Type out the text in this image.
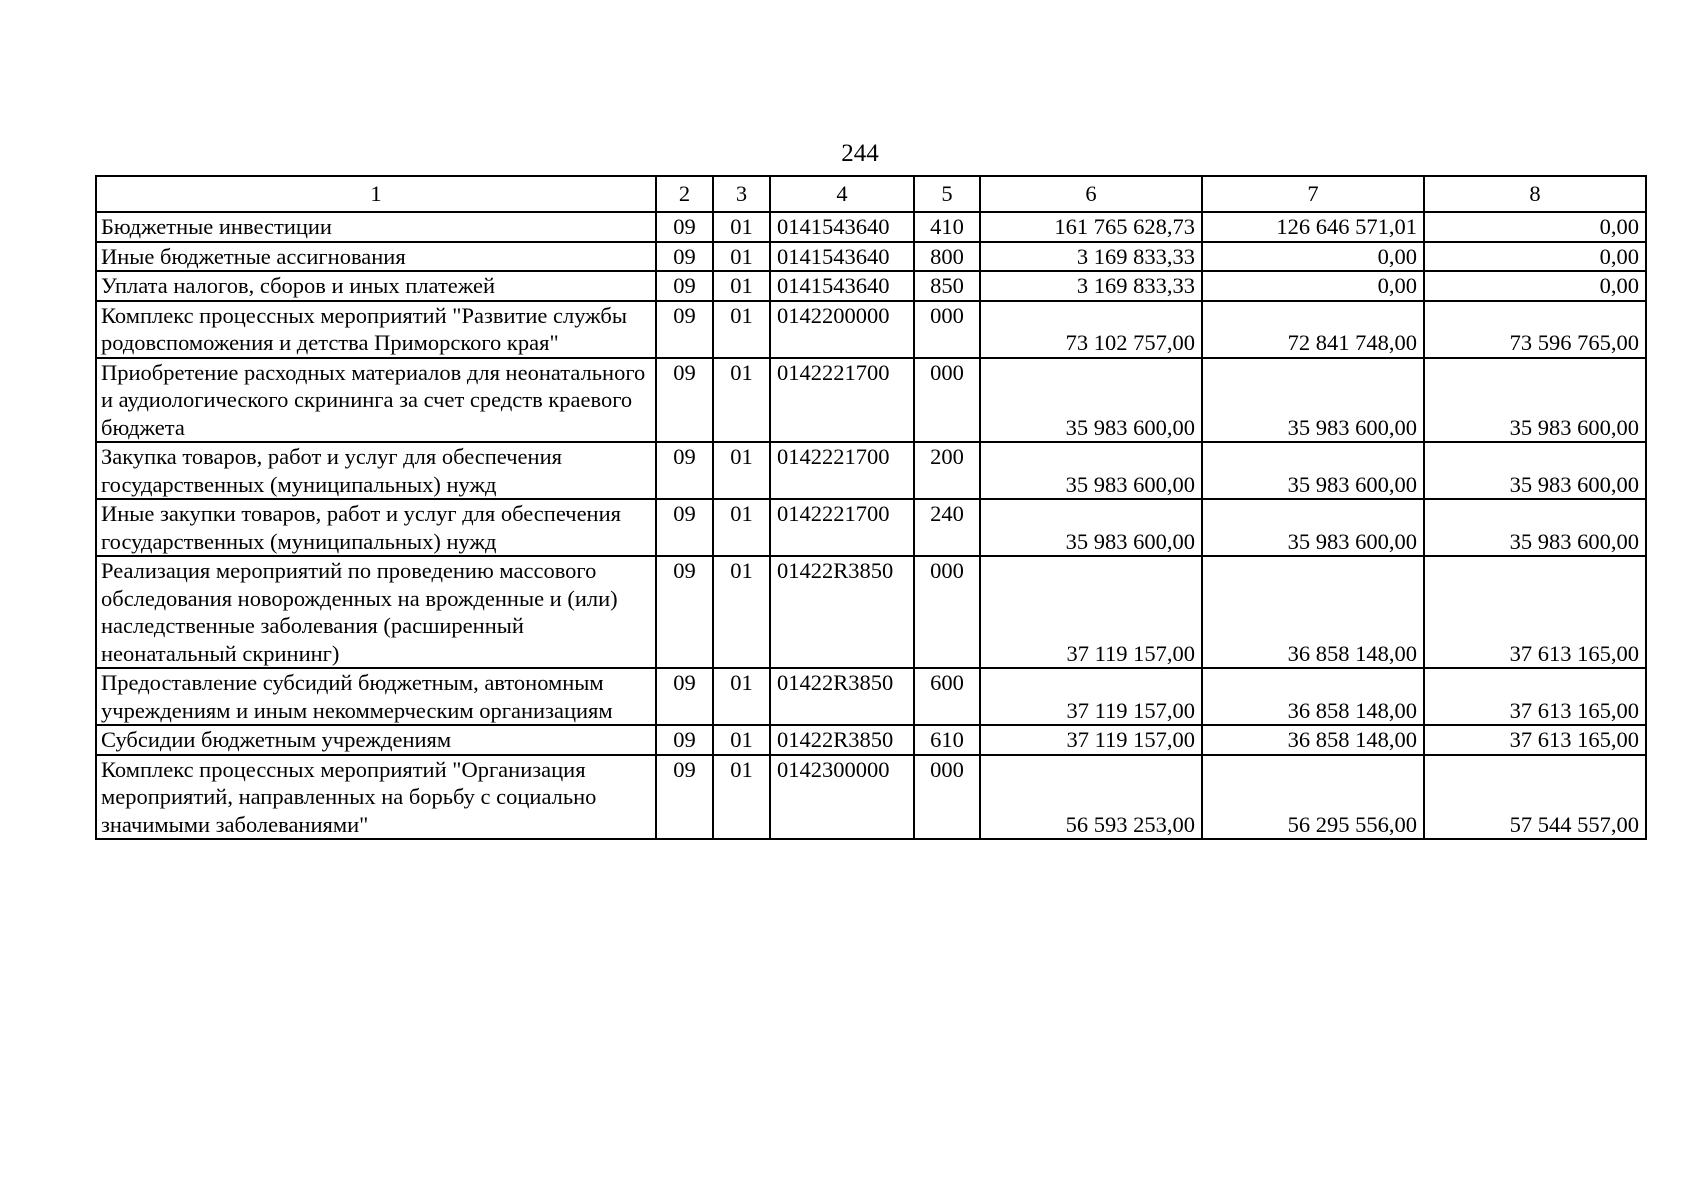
244
1	2	3	4	5	6	7	8
Бюджетные инвестиции	09	01	0141543640	410	161 765 628,73	126 646 571,01	0,00
Иные бюджетные ассигнования	09	01	0141543640	800	3 169 833,33	0,00	0,00
Уплата налогов, сборов и иных платежей	09	01	0141543640	850	3 169 833,33	0,00	0,00
Комплекс процессных мероприятий "Развитие службы родовспоможения и детства Приморского края"	09	01	0142200000	000	73 102 757,00	72 841 748,00	73 596 765,00
Приобретение расходных материалов для неонатального и аудиологического скрининга за счет средств краевого бюджета	09	01	0142221700	000	35 983 600,00	35 983 600,00	35 983 600,00
Закупка товаров, работ и услуг для обеспечения государственных (муниципальных) нужд	09	01	0142221700	200	35 983 600,00	35 983 600,00	35 983 600,00
Иные закупки товаров, работ и услуг для обеспечения государственных (муниципальных) нужд	09	01	0142221700	240	35 983 600,00	35 983 600,00	35 983 600,00
Реализация мероприятий по проведению массового обследования новорожденных на врожденные и (или) наследственные заболевания (расширенный неонатальный скрининг)	09	01	01422R3850	000	37 119 157,00	36 858 148,00	37 613 165,00
Предоставление субсидий бюджетным, автономным учреждениям и иным некоммерческим организациям	09	01	01422R3850	600	37 119 157,00	36 858 148,00	37 613 165,00
Субсидии бюджетным учреждениям	09	01	01422R3850	610	37 119 157,00	36 858 148,00	37 613 165,00
Комплекс процессных мероприятий "Организация мероприятий, направленных на борьбу с социально значимыми заболеваниями"	09	01	0142300000	000	56 593 253,00	56 295 556,00	57 544 557,00
